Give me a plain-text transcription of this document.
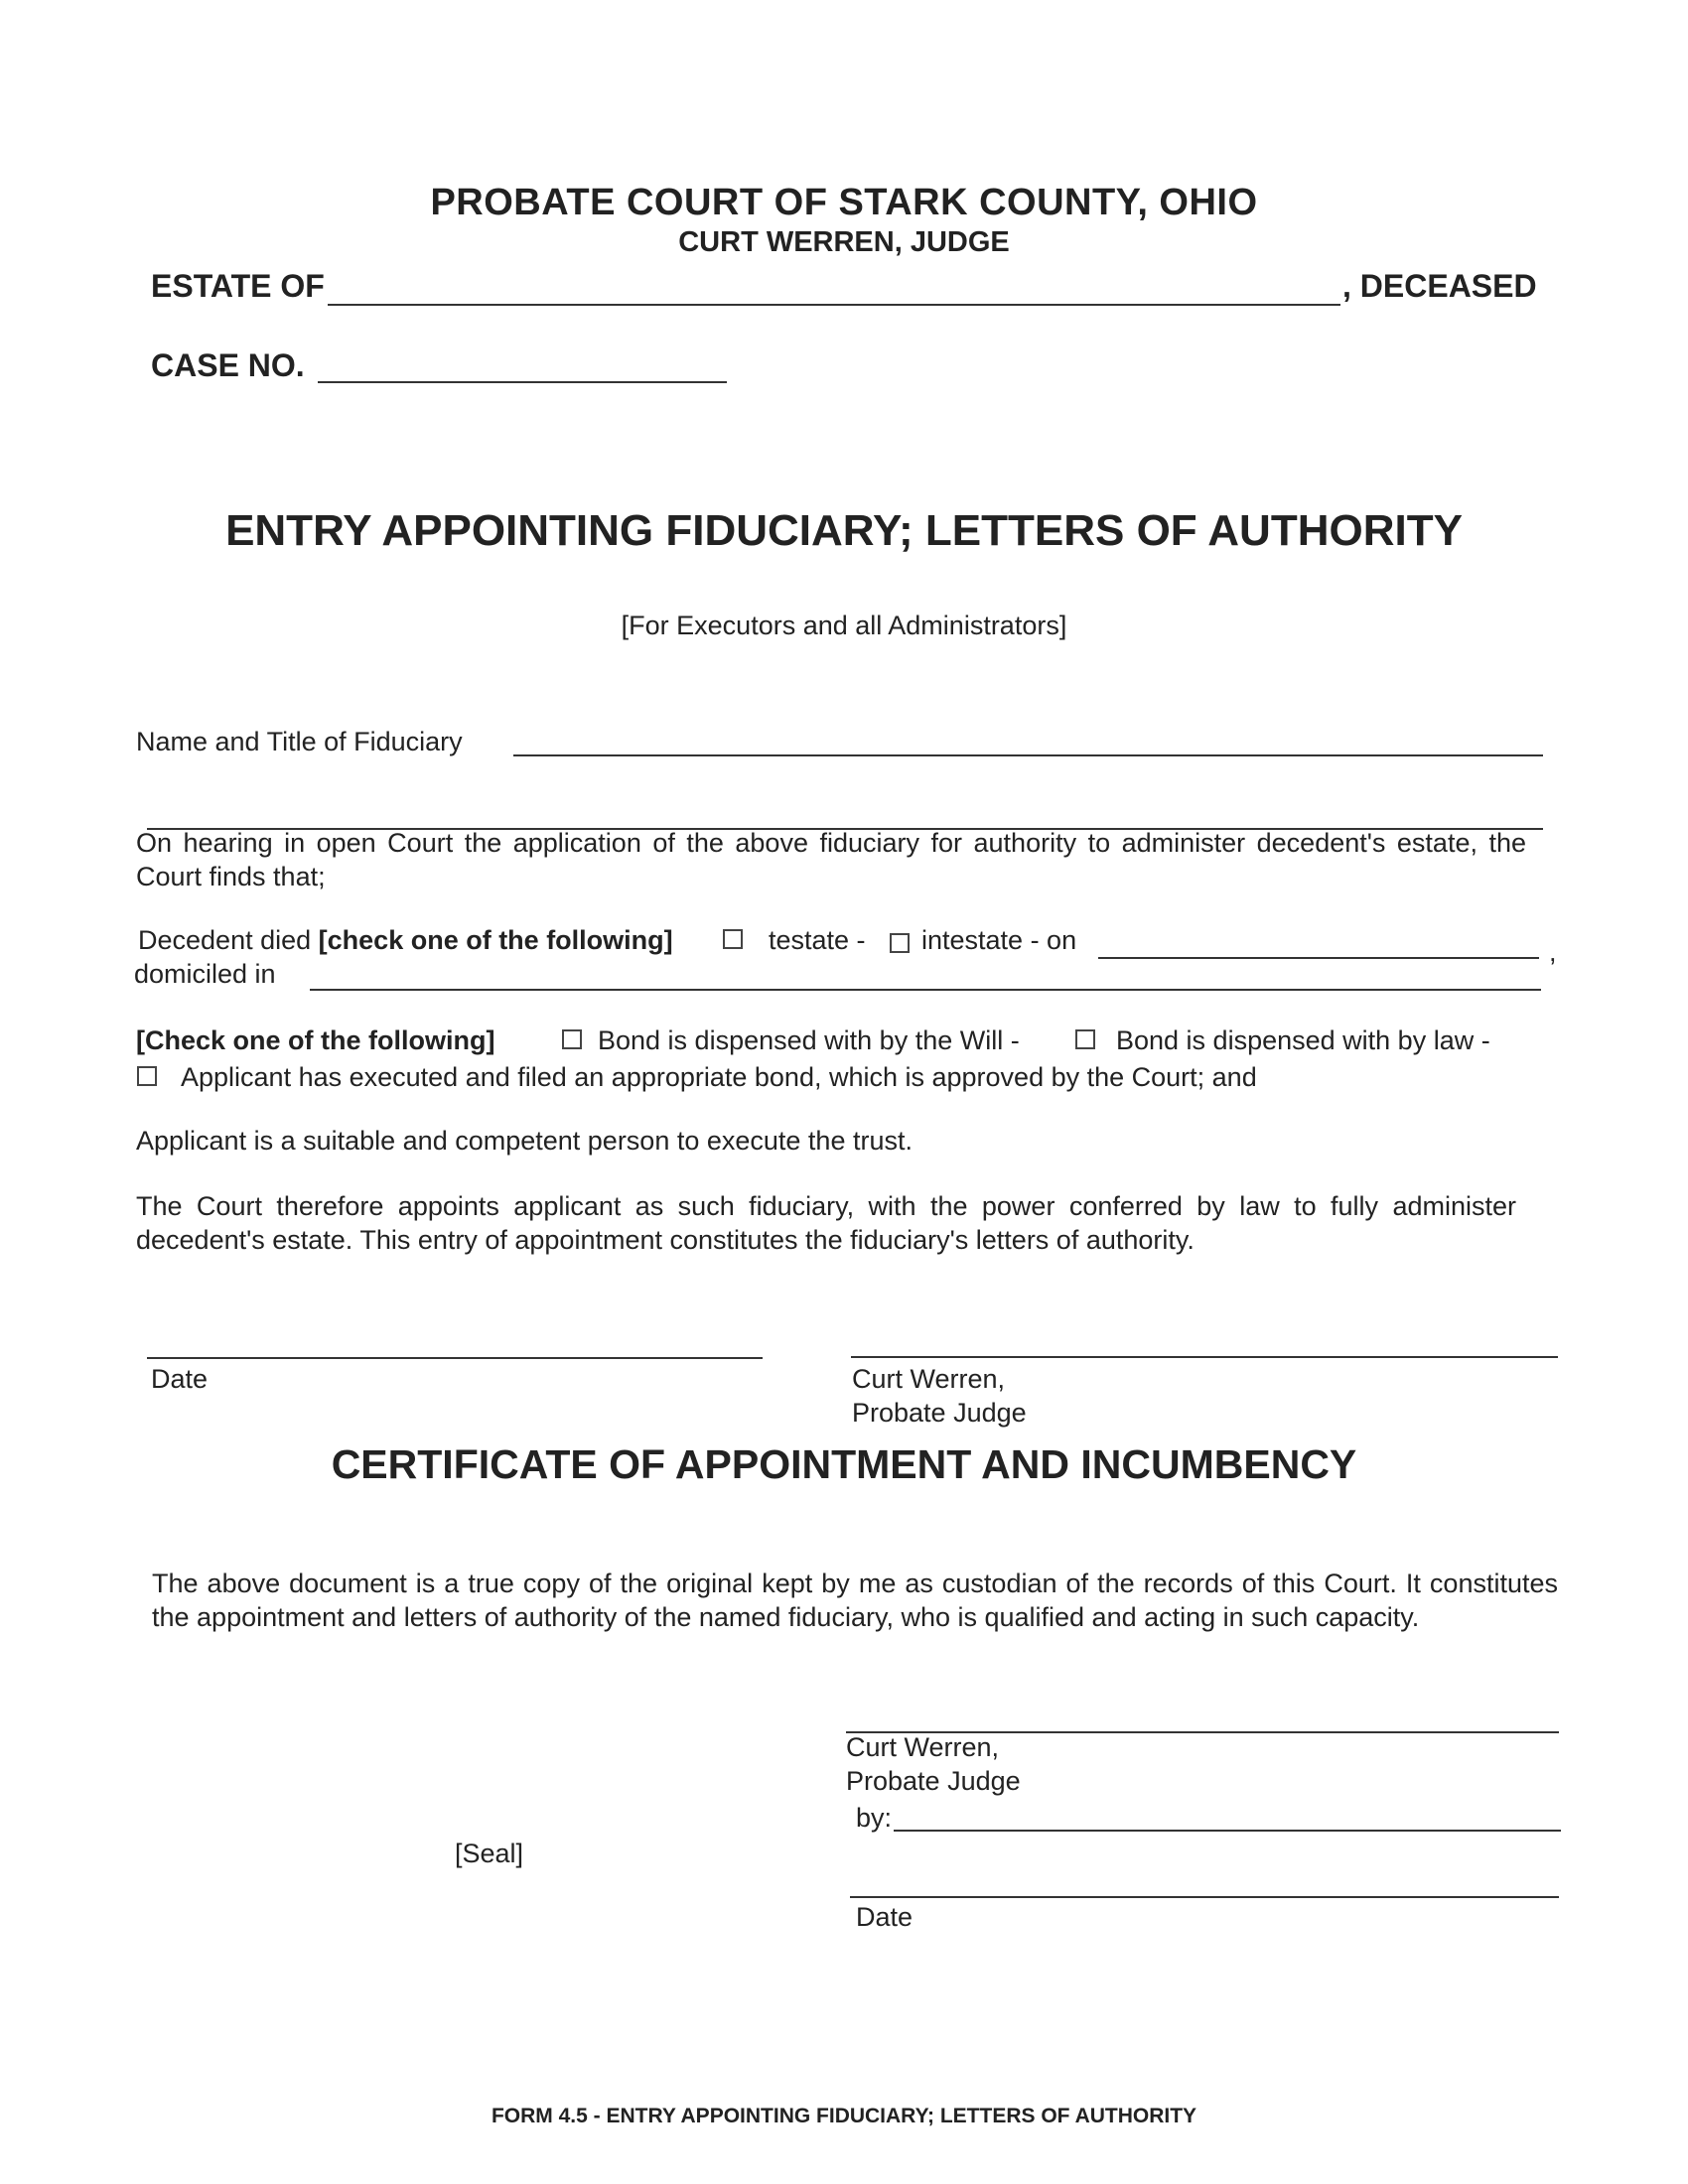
PROBATE COURT OF STARK COUNTY, OHIO
CURT WERREN, JUDGE
ESTATE OF	, DECEASED
CASE NO.
ENTRY APPOINTING FIDUCIARY; LETTERS OF AUTHORITY
[For Executors and all Administrators]
Name and Title of Fiduciary
On hearing in open Court the application of the above fiduciary for authority to administer decedent's estate, the Court finds that;
Decedent died [check one of the following]	testate - intestate - on	,
domiciled in
[Check one of the following]	Bond is dispensed with by the Will -	Bond is dispensed with by law -
Applicant has executed and filed an appropriate bond, which is approved by the Court; and
Applicant is a suitable and competent person to execute the trust.
The Court therefore appoints applicant as such fiduciary, with the power conferred by law to fully administer decedent's estate. This entry of appointment constitutes the fiduciary's letters of authority.
Date	Curt Werren,
Probate Judge
CERTIFICATE OF APPOINTMENT AND INCUMBENCY
The above document is a true copy of the original kept by me as custodian of the records of this Court. It constitutes the appointment and letters of authority of the named fiduciary, who is qualified and acting in such capacity.
Curt Werren,
Probate Judge
by:
[Seal]
Date
FORM 4.5 - ENTRY APPOINTING FIDUCIARY; LETTERS OF AUTHORITY
